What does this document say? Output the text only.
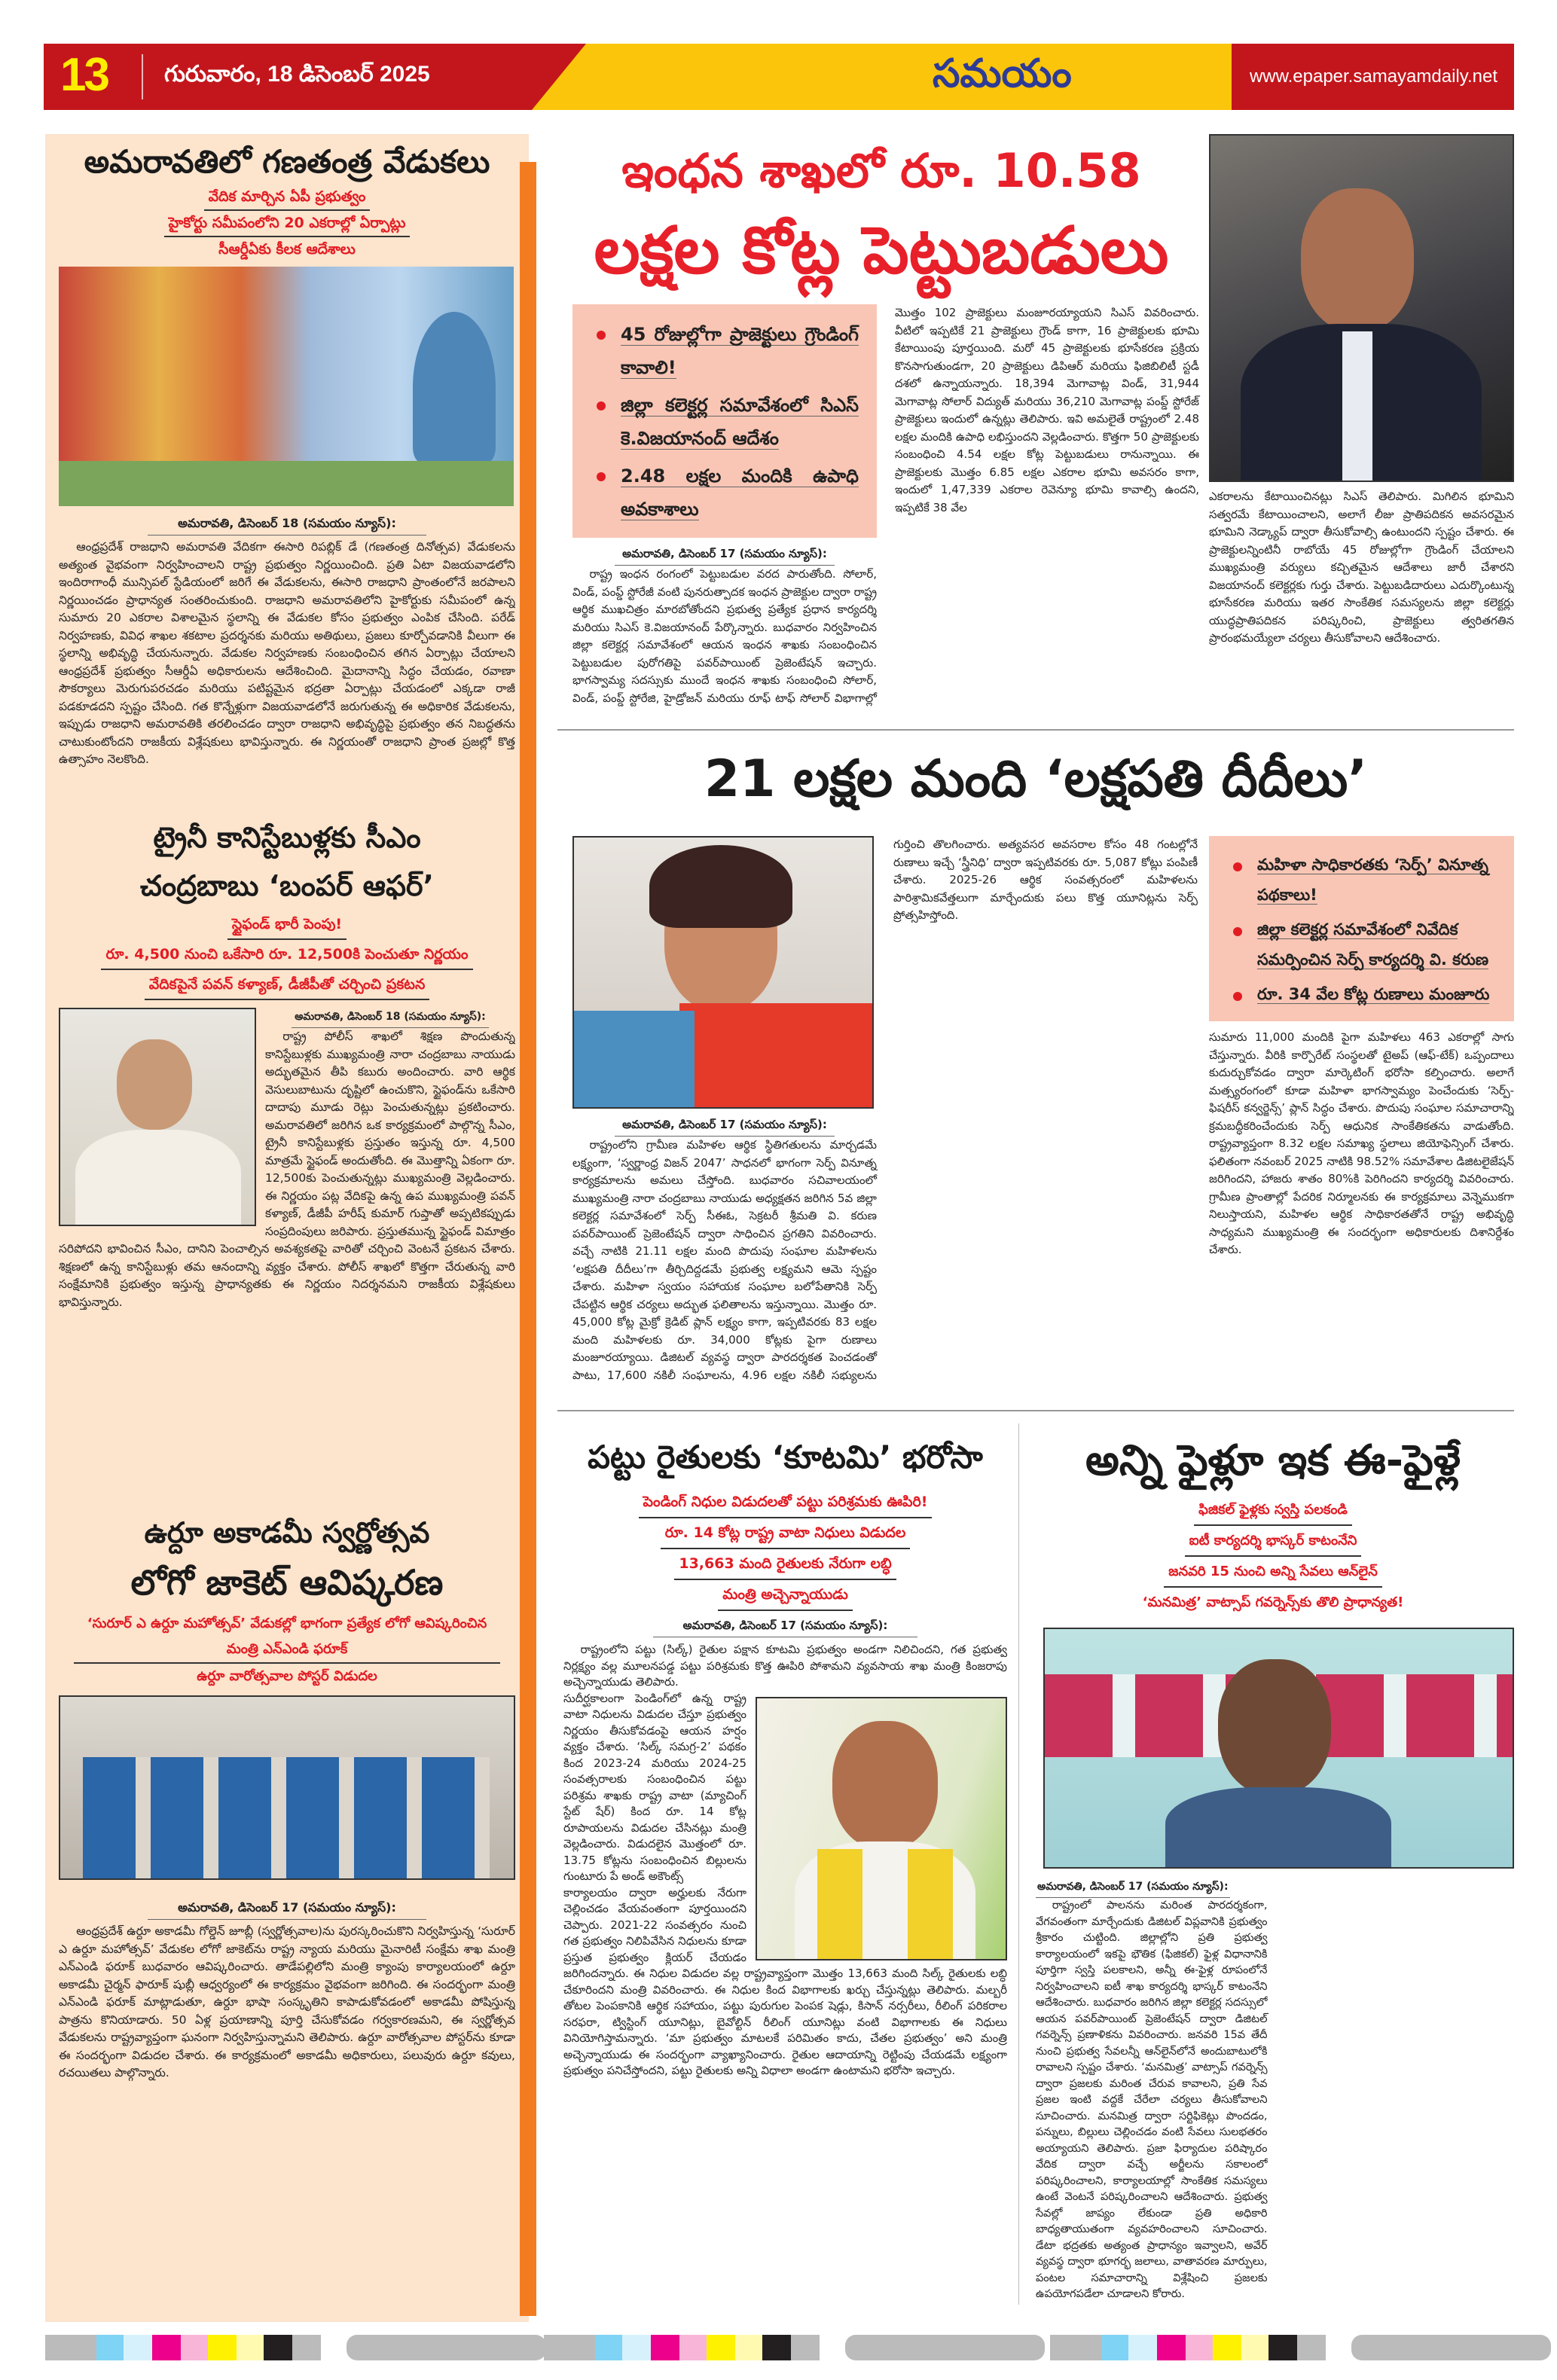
13	గురువారం, 18 డిసెంబర్ 2025	సమయం	www.epaper.samayamdaily.net
అమరావతిలో గణతంత్ర వేడుకలు
వేదిక మార్చిన ఏపీ ప్రభుత్వం
హైకోర్టు సమీపంలోని 20 ఎకరాల్లో ఏర్పాట్లు
సీఆర్డీఏకు కీలక ఆదేశాలు
అమరావతి, డిసెంబర్ 18 (సమయం న్యూస్):

ఆంధ్రప్రదేశ్ రాజధాని అమరావతి వేదికగా ఈసారి రిపబ్లిక్ డే (గణతంత్ర దినోత్సవ) వేడుకలను అత్యంత వైభవంగా నిర్వహించాలని రాష్ట్ర ప్రభుత్వం నిర్ణయించింది. ప్రతి ఏటా విజయవాడలోని ఇందిరాగాంధీ మున్సిపల్ స్టేడియంలో జరిగే ఈ వేడుకలను, ఈసారి రాజధాని ప్రాంతంలోనే జరపాలని నిర్ణయించడం ప్రాధాన్యత సంతరించుకుంది. రాజధాని అమరావతిలోని హైకోర్టుకు సమీపంలో ఉన్న సుమారు 20 ఎకరాల విశాలమైన స్థలాన్ని ఈ వేడుకల కోసం ప్రభుత్వం ఎంపిక చేసింది. పరేడ్ నిర్వహణకు, వివిధ శాఖల శకటాల ప్రదర్శనకు మరియు అతిథులు, ప్రజలు కూర్చోవడానికి వీలుగా ఈ స్థలాన్ని అభివృద్ధి చేయనున్నారు. వేడుకల నిర్వహణకు సంబంధించిన తగిన ఏర్పాట్లు చేయాలని ఆంధ్రప్రదేశ్ ప్రభుత్వం సీఆర్డీఏ అధికారులను ఆదేశించింది. మైదానాన్ని సిద్ధం చేయడం, రవాణా సౌకర్యాలు మెరుగుపరచడం మరియు పటిష్టమైన భద్రతా ఏర్పాట్లు చేయడంలో ఎక్కడా రాజీ పడకూడదని స్పష్టం చేసింది. గత కొన్నేళ్లుగా విజయవాడలోనే జరుగుతున్న ఈ అధికారిక వేడుకలను, ఇప్పుడు రాజధాని అమరావతికి తరలించడం ద్వారా రాజధాని అభివృద్ధిపై ప్రభుత్వం తన నిబద్ధతను చాటుకుంటోందని రాజకీయ విశ్లేషకులు భావిస్తున్నారు. ఈ నిర్ణయంతో రాజధాని ప్రాంత ప్రజల్లో కొత్త ఉత్సాహం నెలకొంది.

ట్రైనీ కానిస్టేబుళ్లకు సీఎం
చంద్రబాబు ‘బంపర్ ఆఫర్’
స్టైఫండ్ భారీ పెంపు!
రూ. 4,500 నుంచి ఒకేసారి రూ. 12,500కి పెంచుతూ నిర్ణయం
వేదికపైనే పవన్ కళ్యాణ్, డీజీపీతో చర్చించి ప్రకటన
అమరావతి, డిసెంబర్ 18 (సమయం న్యూస్):

రాష్ట్ర పోలీస్ శాఖలో శిక్షణ పొందుతున్న కానిస్టేబుళ్లకు ముఖ్యమంత్రి నారా చంద్రబాబు నాయుడు అద్భుతమైన తీపి కబురు అందించారు. వారి ఆర్థిక వెసులుబాటును దృష్టిలో ఉంచుకొని, స్టైఫండ్‌ను ఒకేసారి దాదాపు మూడు రెట్లు పెంచుతున్నట్లు ప్రకటించారు. అమరావతిలో జరిగిన ఒక కార్యక్రమంలో పాల్గొన్న సీఎం, ట్రైనీ కానిస్టేబుళ్లకు ప్రస్తుతం ఇస్తున్న రూ. 4,500 మాత్రమే స్టైఫండ్ అందుతోంది. ఈ మొత్తాన్ని ఏకంగా రూ. 12,500కు పెంచుతున్నట్లు ముఖ్యమంత్రి వెల్లడించారు. ఈ నిర్ణయం పట్ల వేదికపై ఉన్న ఉప ముఖ్యమంత్రి పవన్ కళ్యాణ్, డీజీపీ హరీష్ కుమార్ గుప్తాతో అప్పటికప్పుడు సంప్రదింపులు జరిపారు. ప్రస్తుతమున్న స్టైఫండ్ విమాత్రం సరిపోదని భావించిన సీఎం, దానిని పెంచాల్సిన అవశ్యకతపై వారితో చర్చించి వెంటనే ప్రకటన చేశారు. శిక్షణలో ఉన్న కానిస్టేబుళ్లు తమ ఆనందాన్ని వ్యక్తం చేశారు. పోలీస్ శాఖలో కొత్తగా చేరుతున్న వారి సంక్షేమానికి ప్రభుత్వం ఇస్తున్న ప్రాధాన్యతకు ఈ నిర్ణయం నిదర్శనమని రాజకీయ విశ్లేషకులు భావిస్తున్నారు.

ఉర్దూ అకాడమీ స్వర్ణోత్సవ
లోగో జాకెట్ ఆవిష్కరణ
‘సురూర్ ఎ ఉర్దూ మహోత్సవ్’ వేడుకల్లో భాగంగా ప్రత్యేక లోగో ఆవిష్కరించిన మంత్రి ఎన్ఎండి ఫరూక్
ఉర్దూ వారోత్సవాల పోస్టర్ విడుదల
అమరావతి, డిసెంబర్ 17 (సమయం న్యూస్):

ఆంధ్రప్రదేశ్ ఉర్దూ అకాడమీ గోల్డెన్ జూబ్లీ (స్వర్ణోత్సవాల)ను పురస్కరించుకొని నిర్వహిస్తున్న ‘సురూర్ ఎ ఉర్దూ మహోత్సవ్’ వేడుకల లోగో జాకెట్‌ను రాష్ట్ర న్యాయ మరియు మైనారిటీ సంక్షేమ శాఖ మంత్రి ఎన్ఎండి ఫరూక్ బుధవారం ఆవిష్కరించారు. తాడేపల్లిలోని మంత్రి క్యాంపు కార్యాలయంలో ఉర్దూ అకాడమీ చైర్మన్ ఫారూక్ షుబ్లీ ఆధ్వర్యంలో ఈ కార్యక్రమం వైభవంగా జరిగింది. ఈ సందర్భంగా మంత్రి ఎన్ఎండి ఫరూక్ మాట్లాడుతూ, ఉర్దూ భాషా సంస్కృతిని కాపాడుకోవడంలో అకాడమీ పోషిస్తున్న పాత్రను కొనియాడారు. 50 ఏళ్ల ప్రయాణాన్ని పూర్తి చేసుకోవడం గర్వకారణమని, ఈ స్వర్ణోత్సవ వేడుకలను రాష్ట్రవ్యాప్తంగా ఘనంగా నిర్వహిస్తున్నామని తెలిపారు. ఉర్దూ వారోత్సవాల పోస్టర్‌ను కూడా ఈ సందర్భంగా విడుదల చేశారు. ఈ కార్యక్రమంలో అకాడమీ అధికారులు, పలువురు ఉర్దూ కవులు, రచయితలు పాల్గొన్నారు.

ఇంధన శాఖలో రూ. 10.58
లక్షల కోట్ల పెట్టుబడులు
45 రోజుల్లోగా ప్రాజెక్టులు గ్రౌండింగ్ కావాలి!
జిల్లా కలెక్టర్ల సమావేశంలో సిఎస్ కె.విజయానంద్ ఆదేశం
2.48 లక్షల మందికి ఉపాధి అవకాశాలు
అమరావతి, డిసెంబర్ 17 (సమయం న్యూస్):

రాష్ట్ర ఇంధన రంగంలో పెట్టుబడుల వరద పారుతోంది. సోలార్, విండ్, పంప్డ్ స్టోరేజీ వంటి పునరుత్పాదక ఇంధన ప్రాజెక్టుల ద్వారా రాష్ట్ర ఆర్థిక ముఖచిత్రం మారబోతోందని ప్రభుత్వ ప్రత్యేక ప్రధాన కార్యదర్శి మరియు సిఎస్ కె.విజయానంద్ పేర్కొన్నారు. బుధవారం నిర్వహించిన జిల్లా కలెక్టర్ల సమావేశంలో ఆయన ఇంధన శాఖకు సంబంధించిన పెట్టుబడుల పురోగతిపై పవర్‌పాయింట్ ప్రెజెంటేషన్ ఇచ్చారు. భాగస్వామ్య సదస్సుకు ముందే ఇంధన శాఖకు సంబంధించి సోలార్, విండ్, పంప్డ్ స్టోరేజి, హైడ్రోజన్ మరియు రూఫ్ టాఫ్ సోలార్ విభాగాల్లో మొత్తం 102 ప్రాజెక్టులు మంజూరయ్యాయని సిఎస్ వివరించారు. వీటిలో ఇప్పటికే 21 ప్రాజెక్టులు గ్రౌండ్ కాగా, 16 ప్రాజెక్టులకు భూమి కేటాయింపు పూర్తయింది. మరో 45 ప్రాజెక్టులకు భూసేకరణ ప్రక్రియ కొనసాగుతుండగా, 20 ప్రాజెక్టులు డిపిఆర్ మరియు ఫిజిబిలిటీ స్టడీ దశలో ఉన్నాయన్నారు. 18,394 మెగావాట్ల విండ్, 31,944 మెగావాట్ల సోలార్ విద్యుత్ మరియు 36,210 మెగావాట్ల పంప్డ్ స్టోరేజ్ ప్రాజెక్టులు ఇందులో ఉన్నట్లు తెలిపారు. ఇవి అమలైతే రాష్ట్రంలో 2.48 లక్షల మందికి ఉపాధి లభిస్తుందని వెల్లడించారు. కొత్తగా 50 ప్రాజెక్టులకు సంబంధించి 4.54 లక్షల కోట్ల పెట్టుబడులు రానున్నాయి. ఈ ప్రాజెక్టులకు మొత్తం 6.85 లక్షల ఎకరాల భూమి అవసరం కాగా, ఇందులో 1,47,339 ఎకరాల రెవెన్యూ భూమి కావాల్సి ఉందని, ఇప్పటికే 38 వేల

ఎకరాలను కేటాయించినట్లు సిఎస్ తెలిపారు. మిగిలిన భూమిని సత్వరమే కేటాయించాలని, అలాగే లీజు ప్రాతిపదికన అవసరమైన భూమిని నెడ్క్యాప్ ద్వారా తీసుకోవాల్సి ఉంటుందని స్పష్టం చేశారు. ఈ ప్రాజెక్టులన్నింటినీ రాబోయే 45 రోజుల్లోగా గ్రౌండింగ్ చేయాలని ముఖ్యమంత్రి వర్యులు కచ్చితమైన ఆదేశాలు జారీ చేశారని విజయానంద్ కలెక్టర్లకు గుర్తు చేశారు. పెట్టుబడిదారులు ఎదుర్కొంటున్న భూసేకరణ మరియు ఇతర సాంకేతిక సమస్యలను జిల్లా కలెక్టర్లు యుద్ధప్రాతిపదికన పరిష్కరించి, ప్రాజెక్టులు త్వరితగతిన ప్రారంభమయ్యేలా చర్యలు తీసుకోవాలని ఆదేశించారు.

21 లక్షల మంది ‘లక్షపతి దీదీలు’
అమరావతి, డిసెంబర్ 17 (సమయం న్యూస్):

రాష్ట్రంలోని గ్రామీణ మహిళల ఆర్థిక స్థితిగతులను మార్చడమే లక్ష్యంగా, ‘స్వర్ణాంధ్ర విజన్ 2047’ సాధనలో భాగంగా సెర్ప్ వినూత్న కార్యక్రమాలను అమలు చేస్తోంది. బుధవారం సచివాలయంలో ముఖ్యమంత్రి నారా చంద్రబాబు నాయుడు అధ్యక్షతన జరిగిన 5వ జిల్లా కలెక్టర్ల సమావేశంలో సెర్ప్ సీఈఓ, సెక్రటరీ శ్రీమతి వి. కరుణ పవర్‌పాయింట్ ప్రెజెంటేషన్ ద్వారా సాధించిన ప్రగతిని వివరించారు. వచ్చే నాటికి 21.11 లక్షల మంది పొదుపు సంఘాల మహిళలను ‘లక్షపతి దీదీలు’గా తీర్చిదిద్దడమే ప్రభుత్వ లక్ష్యమని ఆమె స్పష్టం చేశారు. మహిళా స్వయం సహాయక సంఘాల బలోపేతానికి సెర్ప్ చేపట్టిన ఆర్థిక చర్యలు అద్భుత ఫలితాలను ఇస్తున్నాయి. మొత్తం రూ. 45,000 కోట్ల మైక్రో క్రెడిట్ ప్లాన్ లక్ష్యం కాగా, ఇప్పటివరకు 83 లక్షల మంది మహిళలకు రూ. 34,000 కోట్లకు పైగా రుణాలు మంజూరయ్యాయి. డిజిటల్ వ్యవస్థ ద్వారా పారదర్శకత పెంచడంతో పాటు, 17,600 నకిలీ సంఘాలను, 4.96 లక్షల నకిలీ సభ్యులను గుర్తించి తొలగించారు. అత్యవసర అవసరాల కోసం 48 గంటల్లోనే రుణాలు ఇచ్చే ‘స్త్రీనిధి’ ద్వారా ఇప్పటివరకు రూ. 5,087 కోట్లు పంపిణీ చేశారు. 2025-26 ఆర్థిక సంవత్సరంలో మహిళలను పారిశ్రామికవేత్తలుగా మార్చేందుకు పలు కొత్త యూనిట్లను సెర్ప్ ప్రోత్సహిస్తోంది.

మహిళా సాధికారతకు ‘సెర్ప్’ వినూత్న పథకాలు!
జిల్లా కలెక్టర్ల సమావేశంలో నివేదిక సమర్పించిన సెర్ప్ కార్యదర్శి వి. కరుణ
రూ. 34 వేల కోట్ల రుణాలు మంజూరు

సుమారు 11,000 మందికి పైగా మహిళలు 463 ఎకరాల్లో సాగు చేస్తున్నారు. వీరికి కార్పొరేట్ సంస్థలతో టైఅప్ (ఆఫ్-టేక్) ఒప్పందాలు కుదుర్చుకోవడం ద్వారా మార్కెటింగ్ భరోసా కల్పించారు. అలాగే మత్స్యరంగంలో కూడా మహిళా భాగస్వామ్యం పెంచేందుకు ‘సెర్ప్-ఫిషరీస్ కన్వర్జెన్స్’ ప్లాన్ సిద్ధం చేశారు. పొదుపు సంఘాల సమాచారాన్ని క్రమబద్ధీకరించేందుకు సెర్ప్ ఆధునిక సాంకేతికతను వాడుతోంది. రాష్ట్రవ్యాప్తంగా 8.32 లక్షల సమాఖ్య స్థలాలు జియోఫెన్సింగ్ చేశారు. ఫలితంగా నవంబర్ 2025 నాటికి 98.52% సమావేశాల డిజిటలైజేషన్ జరిగిందని, హాజరు శాతం 80%కి పెరిగిందని కార్యదర్శి వివరించారు. గ్రామీణ ప్రాంతాల్లో పేదరిక నిర్మూలనకు ఈ కార్యక్రమాలు వెన్నెముకగా నిలుస్తాయని, మహిళల ఆర్థిక సాధికారతతోనే రాష్ట్ర అభివృద్ధి సాధ్యమని ముఖ్యమంత్రి ఈ సందర్భంగా అధికారులకు దిశానిర్దేశం చేశారు.

పట్టు రైతులకు ‘కూటమి’ భరోసా
పెండింగ్ నిధుల విడుదలతో పట్టు పరిశ్రమకు ఊపిరి!
రూ. 14 కోట్ల రాష్ట్ర వాటా నిధులు విడుదల
13,663 మంది రైతులకు నేరుగా లబ్ధి
మంత్రి అచ్చెన్నాయుడు
అమరావతి, డిసెంబర్ 17 (సమయం న్యూస్):

రాష్ట్రంలోని పట్టు (సిల్క్) రైతుల పక్షాన కూటమి ప్రభుత్వం అండగా నిలిచిందని, గత ప్రభుత్వ నిర్లక్ష్యం వల్ల మూలనపడ్డ పట్టు పరిశ్రమకు కొత్త ఊపిరి పోశామని వ్యవసాయ శాఖ మంత్రి కింజరాపు అచ్చెన్నాయుడు తెలిపారు.

సుదీర్ఘకాలంగా పెండింగ్‌లో ఉన్న రాష్ట్ర వాటా నిధులను విడుదల చేస్తూ ప్రభుత్వం నిర్ణయం తీసుకోవడంపై ఆయన హర్షం వ్యక్తం చేశారు. ‘సిల్క్ సమగ్ర-2’ పథకం కింద 2023-24 మరియు 2024-25 సంవత్సరాలకు సంబంధించిన పట్టు పరిశ్రమ శాఖకు రాష్ట్ర వాటా (మ్యాచింగ్ స్టేట్ షేర్) కింద రూ. 14 కోట్ల రూపాయలను విడుదల చేసినట్లు మంత్రి వెల్లడించారు. విడుదలైన మొత్తంలో రూ. 13.75 కోట్లను సంబంధించిన బిల్లులను గుంటూరు పే అండ్ అకౌంట్స్

కార్యాలయం ద్వారా అర్హులకు నేరుగా చెల్లించడం వేయవంతంగా పూర్తయిందని చెప్పారు. 2021-22 సంవత్సరం నుంచి గత ప్రభుత్వం నిలిపివేసిన నిధులను కూడా ప్రస్తుత ప్రభుత్వం క్లియర్ చేయడం జరిగిందన్నారు. ఈ నిధుల విడుదల వల్ల రాష్ట్రవ్యాప్తంగా మొత్తం 13,663 మంది సిల్క్ రైతులకు లబ్ధి చేకూరిందని మంత్రి వివరించారు. ఈ నిధుల కింద విభాగాలకు ఖర్చు చేస్తున్నట్లు తెలిపారు. మల్బరీ తోటల పెంపకానికి ఆర్థిక సహాయం, పట్టు పురుగుల పెంపక షెడ్లు, కిసాన్ నర్సరీలు, రీలింగ్ పరికరాల సరఫరా, ట్విస్టింగ్ యూనిట్లు, బైవోల్టిన్ రీలింగ్ యూనిట్లు వంటి విభాగాలకు ఈ నిధులు వినియోగిస్తామన్నారు. ‘మా ప్రభుత్వం మాటలకే పరిమితం కాదు, చేతల ప్రభుత్వం’ అని మంత్రి అచ్చెన్నాయుడు ఈ సందర్భంగా వ్యాఖ్యానించారు. రైతుల ఆదాయాన్ని రెట్టింపు చేయడమే లక్ష్యంగా ప్రభుత్వం పనిచేస్తోందని, పట్టు రైతులకు అన్ని విధాలా అండగా ఉంటామని భరోసా ఇచ్చారు.

అన్ని ఫైళ్లూ ఇక ఈ-ఫైళ్లే
ఫిజికల్ ఫైళ్లకు స్వస్తి పలకండి
ఐటీ కార్యదర్శి భాస్కర్ కాటంనేని
జనవరి 15 నుంచి అన్ని సేవలు ఆన్‌లైన్
‘మనమిత్ర’ వాట్సాప్ గవర్నెన్స్‌కు తొలి ప్రాధాన్యత!
అమరావతి, డిసెంబర్ 17 (సమయం న్యూస్):

రాష్ట్రంలో పాలనను మరింత పారదర్శకంగా, వేగవంతంగా మార్చేందుకు డిజిటల్ విప్లవానికి ప్రభుత్వం శ్రీకారం చుట్టింది. జిల్లాల్లోని ప్రతి ప్రభుత్వ కార్యాలయంలో ఇకపై భౌతిక (ఫిజికల్) ఫైళ్ల విధానానికి పూర్తిగా స్వస్తి పలకాలని, అన్నీ ఈ-ఫైళ్ల రూపంలోనే నిర్వహించాలని ఐటీ శాఖ కార్యదర్శి భాస్కర్ కాటంనేని ఆదేశించారు. బుధవారం జరిగిన జిల్లా కలెక్టర్ల సదస్సులో ఆయన పవర్‌పాయింట్ ప్రెజెంటేషన్ ద్వారా డిజిటల్ గవర్నెన్స్ ప్రణాళికను వివరించారు. జనవరి 15వ తేదీ నుంచి ప్రభుత్వ సేవలన్నీ ఆన్‌లైన్‌లోనే అందుబాటులోకి రావాలని స్పష్టం చేశారు. ‘మనమిత్ర’ వాట్సాప్ గవర్నెన్స్ ద్వారా ప్రజలకు మరింత చేరువ కావాలని, ప్రతి సేవ ప్రజల ఇంటి వద్దకే చేరేలా చర్యలు తీసుకోవాలని సూచించారు. మనమిత్ర ద్వారా సర్టిఫికెట్లు పొందడం, పన్నులు, బిల్లులు చెల్లించడం వంటి సేవలు సులభతరం అయ్యాయని తెలిపారు. ప్రజా ఫిర్యాదుల పరిష్కారం వేదిక ద్వారా వచ్చే అర్జీలను సకాలంలో పరిష్కరించాలని, కార్యాలయాల్లో సాంకేతిక సమస్యలు ఉంటే వెంటనే పరిష్కరించాలని ఆదేశించారు. ప్రభుత్వ సేవల్లో జాప్యం లేకుండా ప్రతి అధికారి బాధ్యతాయుతంగా వ్యవహరించాలని సూచించారు. డేటా భద్రతకు అత్యంత ప్రాధాన్యం ఇవ్వాలని, అవేర్ వ్యవస్థ ద్వారా భూగర్భ జలాలు, వాతావరణ మార్పులు, పంటల సమాచారాన్ని విశ్లేషించి ప్రజలకు ఉపయోగపడేలా చూడాలని కోరారు.
